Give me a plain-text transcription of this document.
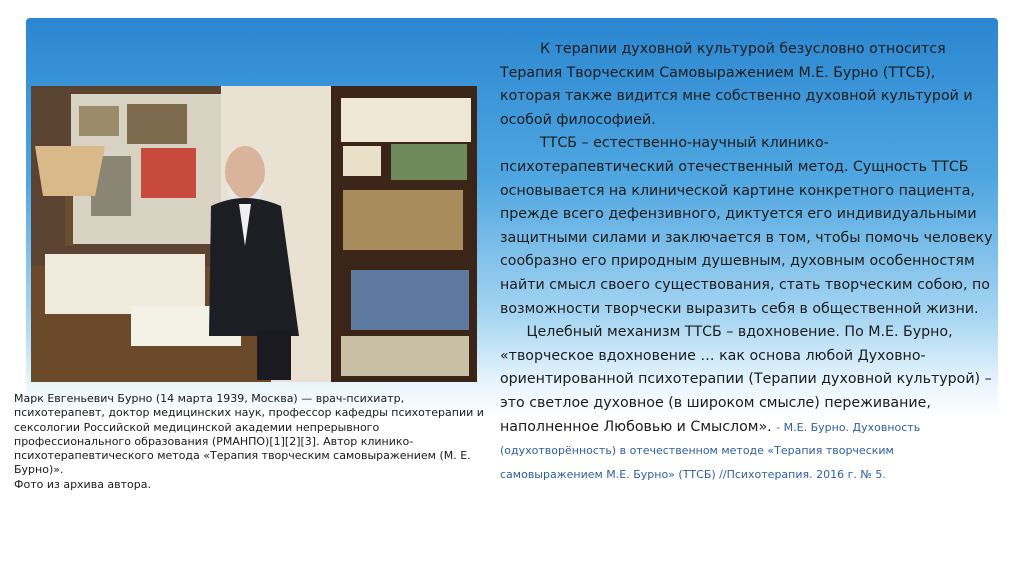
Марк Евгеньевич Бурно (14 марта 1939, Москва) — врач-психиатр, психотерапевт, доктор медицинских наук, профессор кафедры психотерапии и сексологии Российской медицинской академии непрерывного профессионального образования (РМАНПО)[1][2][3]. Автор клинико-психотерапевтического метода «Терапия творческим самовыражением (М. Е. Бурно)».

Фото из архива автора.

К терапии духовной культурой безусловно относится Терапия Творческим Самовыражением М.Е. Бурно (ТТСБ), которая также видится мне собственно духовной культурой и особой философией.

ТТСБ – естественно-научный клинико-психотерапевтический отечественный метод. Сущность ТТСБ основывается на клинической картине конкретного пациента, прежде всего дефензивного, диктуется его индивидуальными защитными силами и заключается в том, чтобы помочь человеку сообразно его природным душевным, духовным особенностям найти смысл своего существования, стать творческим собою, по возможности творчески выразить себя в общественной жизни.  Целебный механизм ТТСБ – вдохновение. По М.Е. Бурно, «творческое вдохновение … как основа любой Духовно-ориентированной психотерапии (Терапии духовной культурой) – это светлое духовное (в широком смысле) переживание, наполненное Любовью и Смыслом». - М.Е. Бурно. Духовность (одухотворённость) в отечественном методе «Терапия творческим самовыражением М.Е. Бурно» (ТТСБ) //Психотерапия. 2016 г. № 5.
